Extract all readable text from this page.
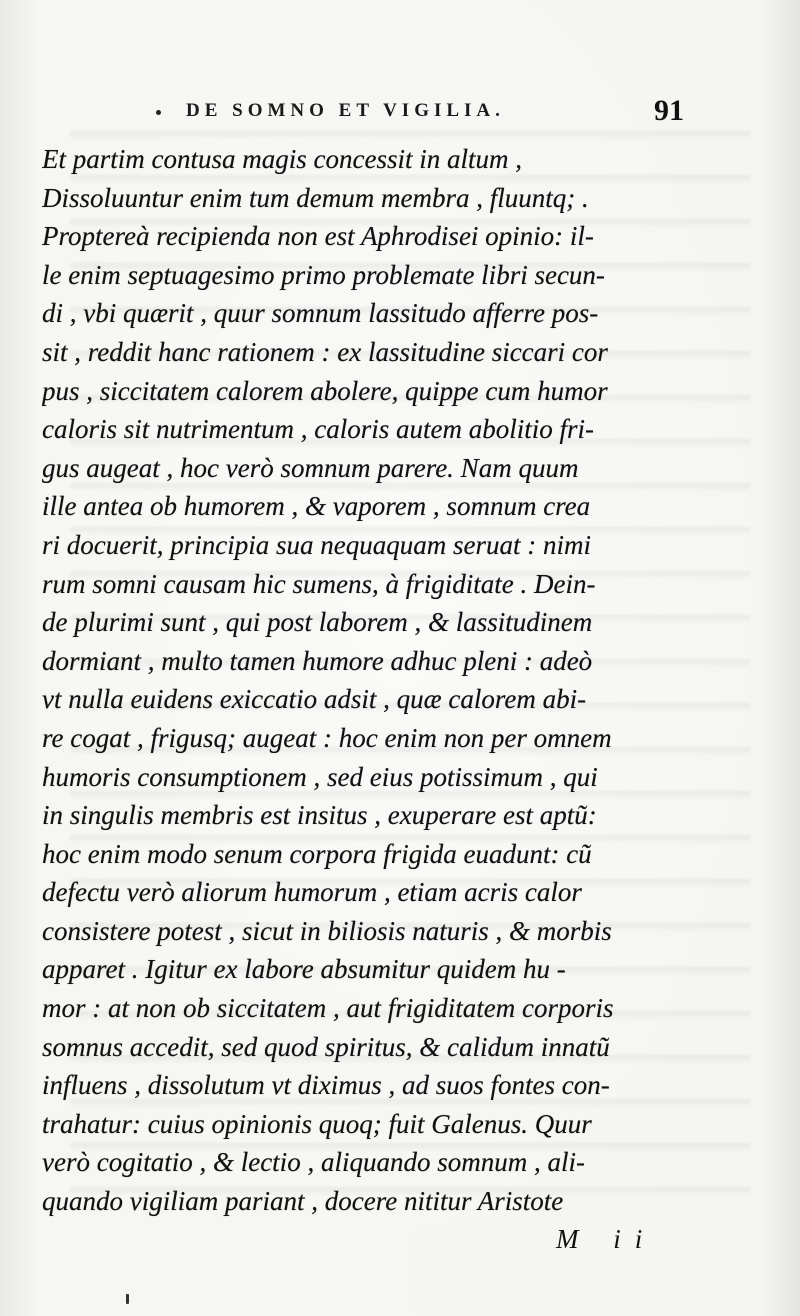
DE SOMNO ET VIGILIA.	91
Et partim contusa magis concessit in altum ,
Dissoluuntur enim tum demum membra , fluuntq; .
Proptereà recipienda non est Aphrodisei opinio: il-
le enim septuagesimo primo problemate libri secun-
di , vbi quærit , quur somnum lassitudo afferre pos-
sit , reddit hanc rationem : ex lassitudine siccari cor
pus , siccitatem calorem abolere, quippe cum humor
caloris sit nutrimentum , caloris autem abolitio fri-
gus augeat , hoc verò somnum parere. Nam quum
ille antea ob humorem , & vaporem , somnum crea
ri docuerit, principia sua nequaquam seruat : nimi
rum somni causam hic sumens, à frigiditate . Dein-
de plurimi sunt , qui post laborem , & lassitudinem
dormiant , multo tamen humore adhuc pleni : adeò
vt nulla euidens exiccatio adsit , quæ calorem abi-
re cogat , frigusq; augeat : hoc enim non per omnem
humoris consumptionem , sed eius potissimum , qui
in singulis membris est insitus , exuperare est aptũ:
hoc enim modo senum corpora frigida euadunt: cũ
defectu verò aliorum humorum , etiam acris calor
consistere potest , sicut in biliosis naturis , & morbis
apparet . Igitur ex labore absumitur quidem hu -
mor : at non ob siccitatem , aut frigiditatem corporis
somnus accedit, sed quod spiritus, & calidum innatũ
influens , dissolutum vt diximus , ad suos fontes con-
trahatur: cuius opinionis quoq; fuit Galenus. Quur
verò cogitatio , & lectio , aliquando somnum , ali-
quando vigiliam pariant , docere nititur Aristote
M ii
